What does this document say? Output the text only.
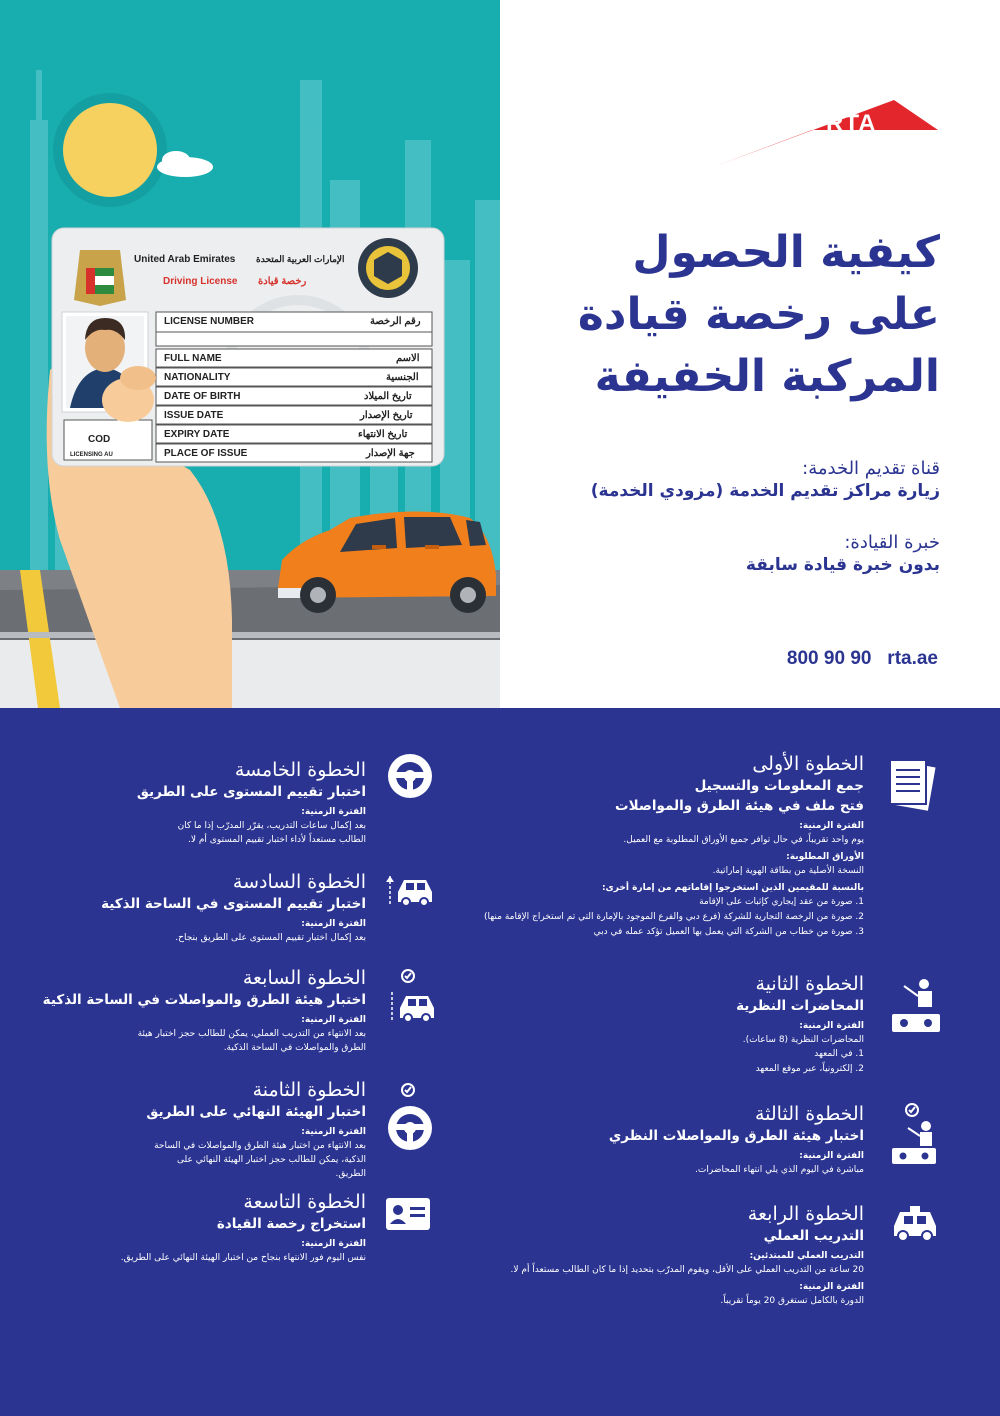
United Arab Emirates الإمارات العربية المتحدة
Driving License رخصة قيادة
LICENSE NUMBER	رقم الرخصة
FULL NAME	الاسم
NATIONALITY	الجنسية
DATE OF BIRTH	تاريخ الميلاد
ISSUE DATE	تاريخ الإصدار
EXPIRY DATE	تاريخ الانتهاء
PLACE OF ISSUE	جهة الإصدار
COD
LICENSING AU
RTA
كيفية الحصول
على رخصة قيادة
المركبة الخفيفة
قناة تقديم الخدمة:
زيارة مراكز تقديم الخدمة (مزودي الخدمة)
خبرة القيادة:
بدون خبرة قيادة سابقة
800 90 90 rta.ae
الخطوة الأولى
جمع المعلومات والتسجيل
فتح ملف في هيئة الطرق والمواصلات
الفترة الزمنية:
يوم واحد تقريباً، في حال توافر جميع الأوراق المطلوبة مع العميل.
الأوراق المطلوبة:
النسخة الأصلية من بطاقة الهوية إماراتية.
بالنسبة للمقيمين الذين استخرجوا إقاماتهم من إمارة أخرى:
1. صورة من عقد إيجاري كإثبات على الإقامة
2. صورة من الرخصة التجارية للشركة (فرع دبي والفرع الموجود بالإمارة التي تم استخراج الإقامة منها)
3. صورة من خطاب من الشركة التي يعمل بها العميل تؤكد عمله في دبي
الخطوة الثانية
المحاضرات النظرية
الفترة الزمنية:
المحاضرات النظرية (8 ساعات).
1. في المعهد
2. إلكترونياً، عبر موقع المعهد
الخطوة الثالثة
اختبار هيئة الطرق والمواصلات النظري
الفترة الزمنية:
مباشرة في اليوم الذي يلي انتهاء المحاضرات.
الخطوة الرابعة
التدريب العملي
التدريب العملي للمبتدئين:
20 ساعة من التدريب العملي على الأقل، ويقوم المدرّب بتحديد إذا ما كان الطالب مستعداً أم لا.
الفترة الزمنية:
الدورة بالكامل تستغرق 20 يوماً تقريباً.
الخطوة الخامسة
اختبار تقييم المستوى على الطريق
الفترة الزمنية:
بعد إكمال ساعات التدريب، يقرّر المدرّب إذا ما كان الطالب مستعداً لأداء اختبار تقييم المستوى أم لا.
الخطوة السادسة
اختبار تقييم المستوى في الساحة الذكية
الفترة الزمنية:
بعد إكمال اختبار تقييم المستوى على الطريق بنجاح.
الخطوة السابعة
اختبار هيئة الطرق والمواصلات في الساحة الذكية
الفترة الزمنية:
بعد الانتهاء من التدريب العملي، يمكن للطالب حجز اختبار هيئة الطرق والمواصلات في الساحة الذكية.
الخطوة الثامنة
اختبار الهيئة النهائي على الطريق
الفترة الزمنية:
بعد الانتهاء من اختبار هيئة الطرق والمواصلات في الساحة الذكية، يمكن للطالب حجز اختبار الهيئة النهائي على الطريق.
الخطوة التاسعة
استخراج رخصة القيادة
الفترة الزمنية:
نفس اليوم فور الانتهاء بنجاح من اختبار الهيئة النهائي على الطريق.
